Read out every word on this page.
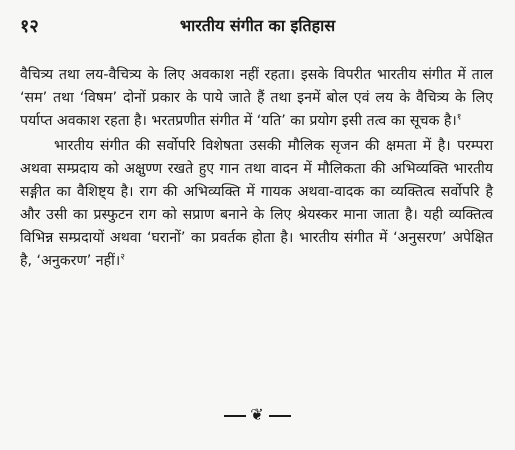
१२	भारतीय संगीत का इतिहास

वैचित्र्य तथा लय-वैचित्र्य के लिए अवकाश नहीं रहता। इसके विपरीत भारतीय संगीत में ताल ‘सम’ तथा ‘विषम’ दोनों प्रकार के पाये जाते हैं तथा इनमें बोल एवं लय के वैचित्र्य के लिए पर्याप्त अवकाश रहता है। भरतप्रणीत संगीत में ‘यति’ का प्रयोग इसी तत्व का सूचक है।$^१$

भारतीय संगीत की सर्वोपरि विशेषता उसकी मौलिक सृजन की क्षमता में है। परम्परा अथवा सम्प्रदाय को अक्षुण्ण रखते हुए गान तथा वादन में मौलिकता की अभिव्यक्ति भारतीय सङ्गीत का वैशिष्ट्य है। राग की अभिव्यक्ति में गायक अथवा-वादक का व्यक्तित्व सर्वोपरि है और उसी का प्रस्फुटन राग को सप्राण बनाने के लिए श्रेयस्कर माना जाता है। यही व्यक्तित्व विभिन्न सम्प्रदायों अथवा ‘घरानों’ का प्रवर्तक होता है। भारतीय संगीत में ‘अनुसरण’ अपेक्षित है, ‘अनुकरण’ नहीं।$^२$

❦
